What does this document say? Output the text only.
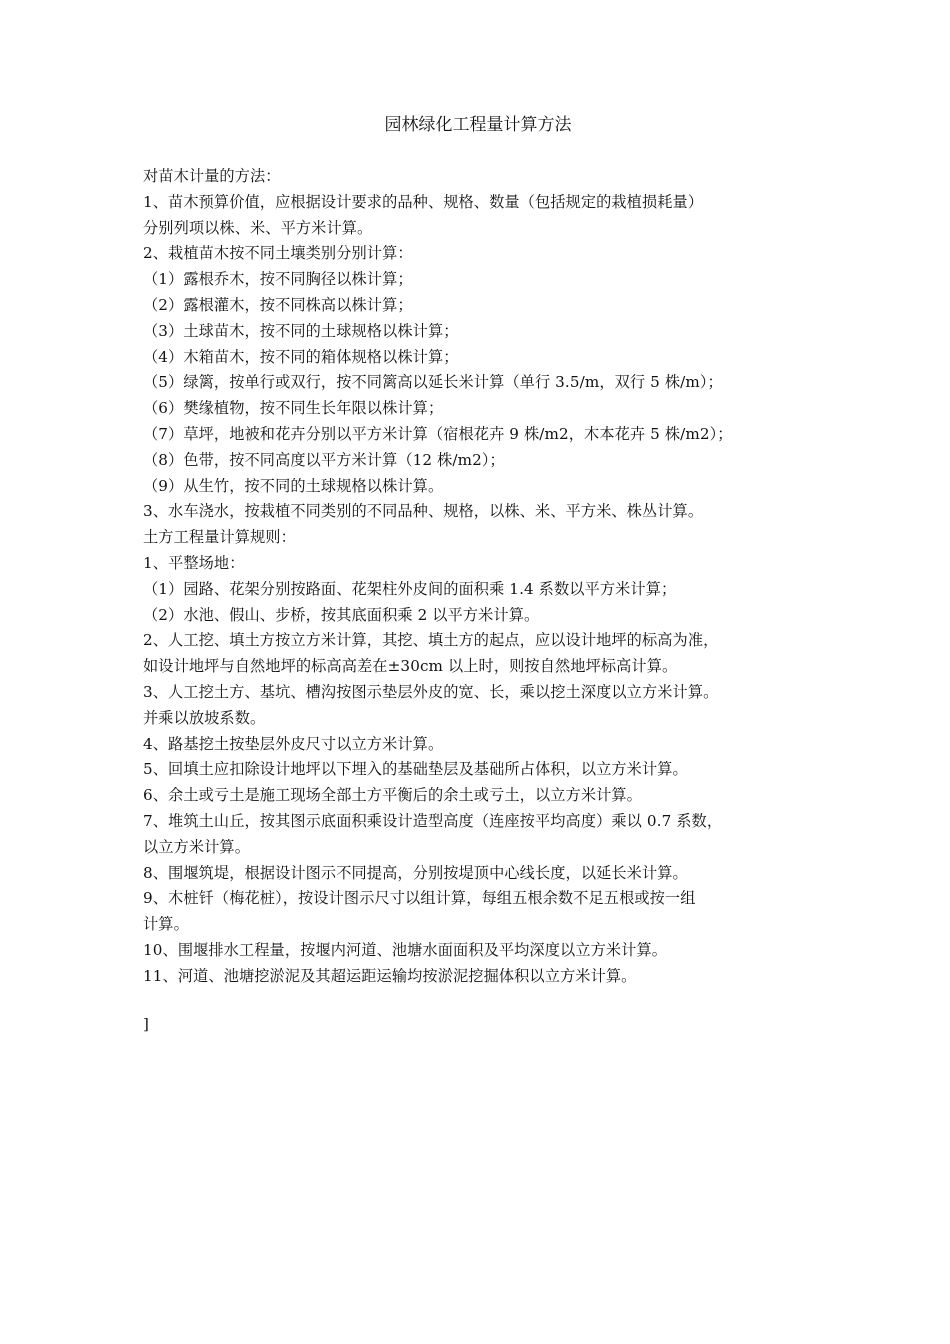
园林绿化工程量计算方法
对苗木计量的方法：
1、苗木预算价值，应根据设计要求的品种、规格、数量（包括规定的栽植损耗量）
分别列项以株、米、平方米计算。
2、栽植苗木按不同土壤类别分别计算：
（1）露根乔木，按不同胸径以株计算；
（2）露根灌木，按不同株高以株计算；
（3）土球苗木，按不同的土球规格以株计算；
（4）木箱苗木，按不同的箱体规格以株计算；
（5）绿篱，按单行或双行，按不同篱高以延长米计算（单行 3.5/m，双行 5 株/m）；
（6）樊缘植物，按不同生长年限以株计算；
（7）草坪，地被和花卉分别以平方米计算（宿根花卉 9 株/m2，木本花卉 5 株/m2）；
（8）色带，按不同高度以平方米计算（12 株/m2）；
（9）从生竹，按不同的土球规格以株计算。
3、水车浇水，按栽植不同类别的不同品种、规格，以株、米、平方米、株丛计算。
土方工程量计算规则：
1、平整场地：
（1）园路、花架分别按路面、花架柱外皮间的面积乘 1.4 系数以平方米计算；
（2）水池、假山、步桥，按其底面积乘 2 以平方米计算。
2、人工挖、填土方按立方米计算，其挖、填土方的起点，应以设计地坪的标高为准，
如设计地坪与自然地坪的标高高差在±30cm 以上时，则按自然地坪标高计算。
3、人工挖土方、基坑、槽沟按图示垫层外皮的宽、长，乘以挖土深度以立方米计算。
并乘以放坡系数。
4、路基挖土按垫层外皮尺寸以立方米计算。
5、回填土应扣除设计地坪以下埋入的基础垫层及基础所占体积，以立方米计算。
6、余土或亏土是施工现场全部土方平衡后的余土或亏土，以立方米计算。
7、堆筑土山丘，按其图示底面积乘设计造型高度（连座按平均高度）乘以 0.7 系数，
以立方米计算。
8、围堰筑堤，根据设计图示不同提高，分别按堤顶中心线长度，以延长米计算。
9、木桩钎（梅花桩），按设计图示尺寸以组计算，每组五根余数不足五根或按一组
计算。
10、围堰排水工程量，按堰内河道、池塘水面面积及平均深度以立方米计算。
11、河道、池塘挖淤泥及其超运距运输均按淤泥挖掘体积以立方米计算。
]
